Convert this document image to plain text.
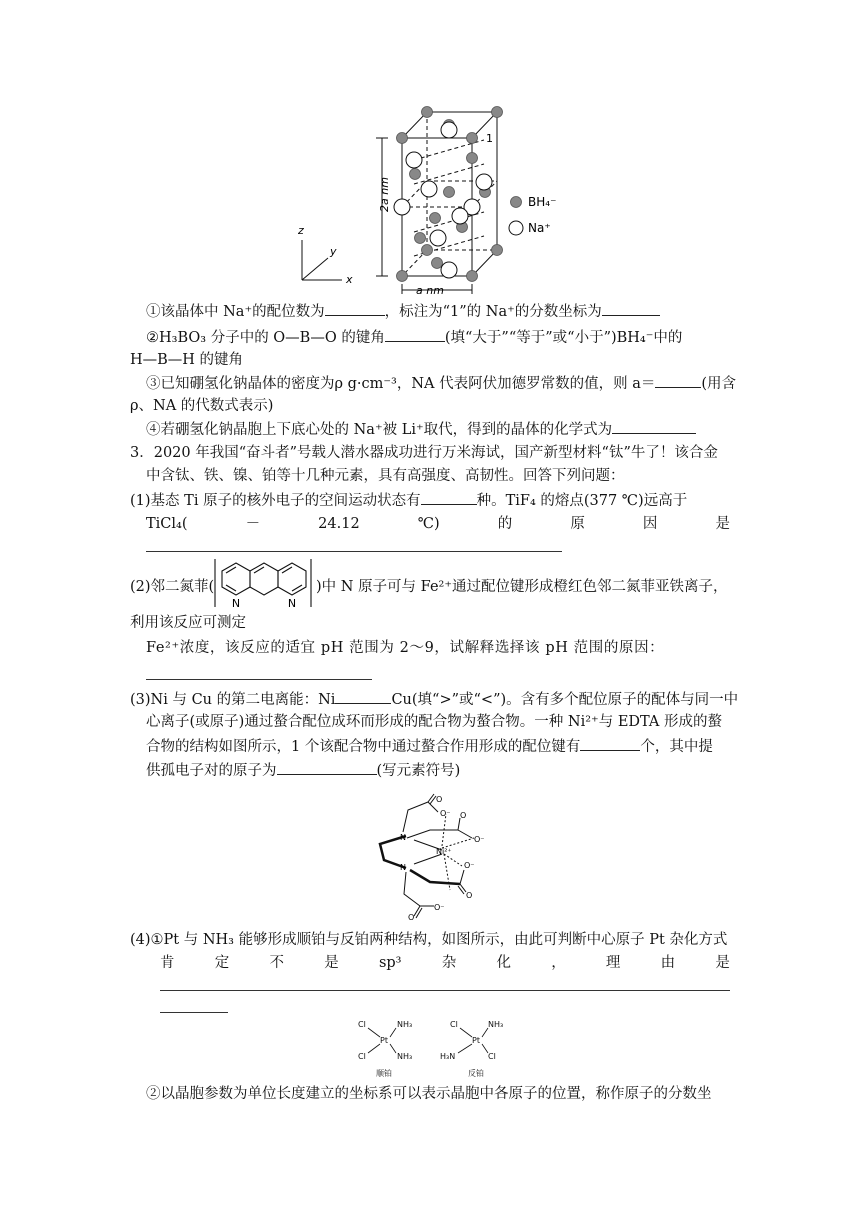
z
y
x
2a nm
a nm
1
BH₄⁻
Na⁺
①该晶体中 Na⁺的配位数为	，标注为“1”的 Na⁺的分数坐标为
②H₃BO₃ 分子中的 O—B—O 的键角	(填“大于”“等于”或“小于”)BH₄⁻中的
H—B—H 的键角
③已知硼氢化钠晶体的密度为ρ g·cm⁻³，NA 代表阿伏加德罗常数的值，则 a＝	(用含
ρ、NA 的代数式表示)
④若硼氢化钠晶胞上下底心处的 Na⁺被 Li⁺取代，得到的晶体的化学式为
3．2020 年我国“奋斗者”号载人潜水器成功进行万米海试，国产新型材料“钛”牛了！该合金
中含钛、铁、镍、铂等十几种元素，具有高强度、高韧性。回答下列问题：
(1)基态 Ti 原子的核外电子的空间运动状态有	种。TiF₄ 的熔点(377 ℃)远高于
TiCl₄(	－	24.12	℃)	的	原	因	是
(2)邻二氮菲(
N	N
)中 N 原子可与 Fe²⁺通过配位键形成橙红色邻二氮菲亚铁离子，
利用该反应可测定
Fe²⁺浓度，该反应的适宜 pH 范围为 2～9，试解释选择该 pH 范围的原因：
(3)Ni 与 Cu 的第二电离能：Ni	Cu(填“>”或“<”)。含有多个配位原子的配体与同一中
心离子(或原子)通过螯合配位成环而形成的配合物为螯合物。一种 Ni²⁺与 EDTA 形成的螯
合物的结构如图所示，1 个该配合物中通过螯合作用形成的配位键有	个，其中提
供孤电子对的原子为	(写元素符号)
O
O⁻ O
O⁻
N
N
Ni²⁺
O⁻
O
O
O⁻
(4)①Pt 与 NH₃ 能够形成顺铂与反铂两种结构，如图所示，由此可判断中心原子 Pt 杂化方式
肯	定	不	是	sp³	杂	化	，	理	由	是
Cl	NH₃
Pt
Cl	NH₃
顺铂
Cl	NH₃
Pt
H₃N	Cl
反铂
②以晶胞参数为单位长度建立的坐标系可以表示晶胞中各原子的位置，称作原子的分数坐
